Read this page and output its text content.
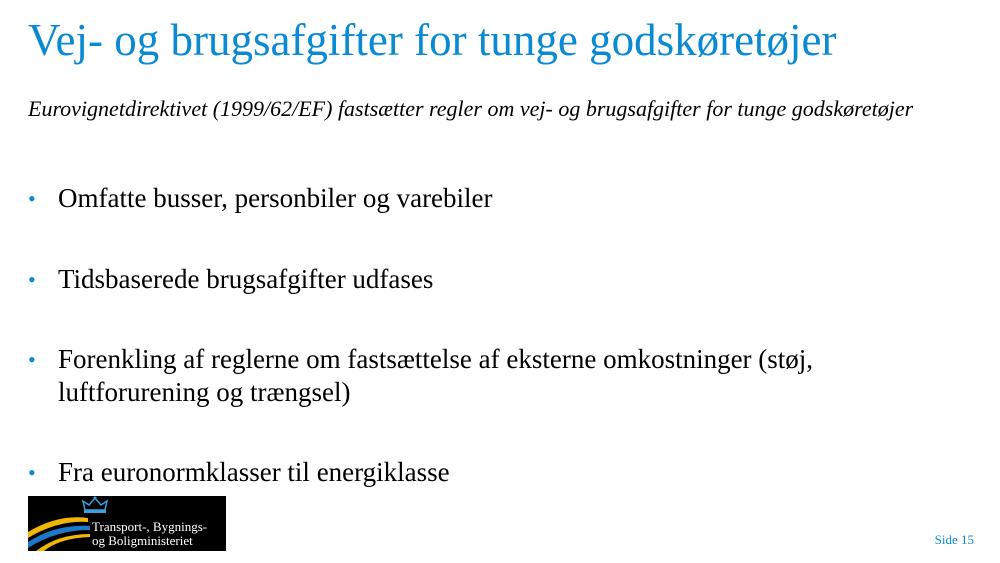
Vej- og brugsafgifter for tunge godskøretøjer
Eurovignetdirektivet (1999/62/EF) fastsætter regler om vej- og brugsafgifter for tunge godskøretøjer
• Omfatte busser, personbiler og varebiler
• Tidsbaserede brugsafgifter udfases
• Forenkling af reglerne om fastsættelse af eksterne omkostninger (støj, luftforurening og trængsel)
• Fra euronormklasser til energiklasse
Transport-, Bygnings-
og Boligministeriet	Side 15
